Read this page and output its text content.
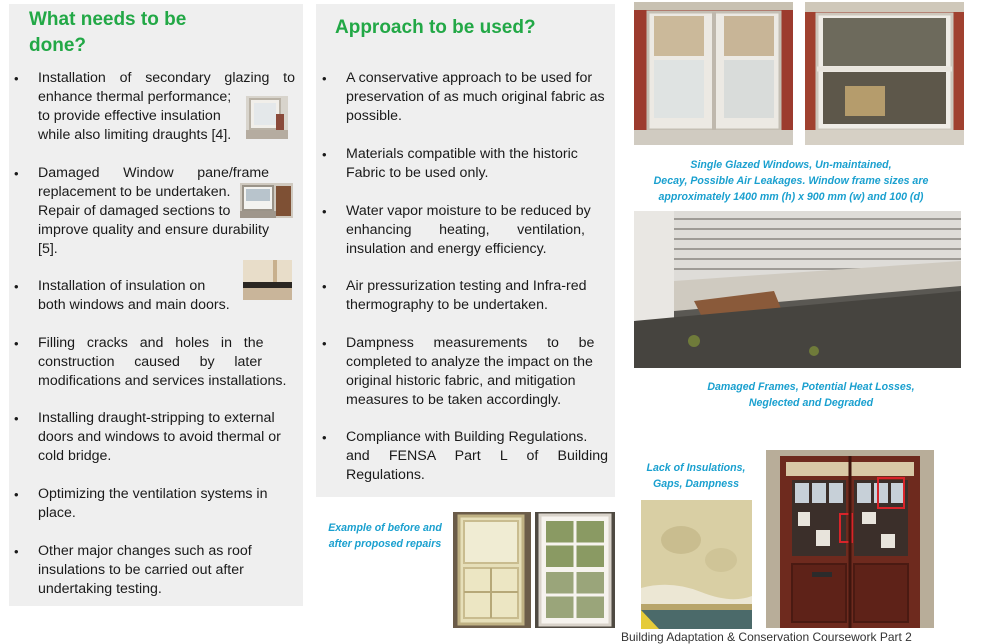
What needs to be
done?
• Installation of secondary glazing to
enhance thermal performance;
to provide effective insulation
while also limiting draughts [4].
• Damaged      Window      pane/frame
replacement to be undertaken.
Repair of damaged sections to
improve quality and ensure durability
[5].
• Installation of insulation on
both windows and main doors.
• Filling   cracks   and   holes   in   the
construction     caused     by     later
modifications and services installations.
• Installing draught-stripping to external
doors and windows to avoid thermal or
cold bridge.
• Optimizing the ventilation systems in
place.
• Other major changes such as roof
insulations to be carried out after
undertaking testing.
Approach to be used?
• A conservative approach to be used for
preservation of as much original fabric as
possible.
• Materials compatible with the historic
Fabric to be used only.
• Water vapor moisture to be reduced by
enhancing       heating,       ventilation,
insulation and energy efficiency.
• Air pressurization testing and Infra-red
thermography to be undertaken.
• Dampness     measurements     to     be
completed to analyze the impact on the
original historic fabric, and mitigation
measures to be taken accordingly.
• Compliance with Building Regulations.
and FENSA Part L of Building Regulations.
Example of before and
after proposed repairs
Single Glazed Windows, Un-maintained,
Decay, Possible Air Leakages. Window frame sizes are
approximately 1400 mm (h) x 900 mm (w) and 100 (d)
Damaged Frames, Potential Heat Losses,
Neglected and Degraded
Lack of Insulations,
Gaps, Dampness
Building Adaptation & Conservation Coursework Part 2
